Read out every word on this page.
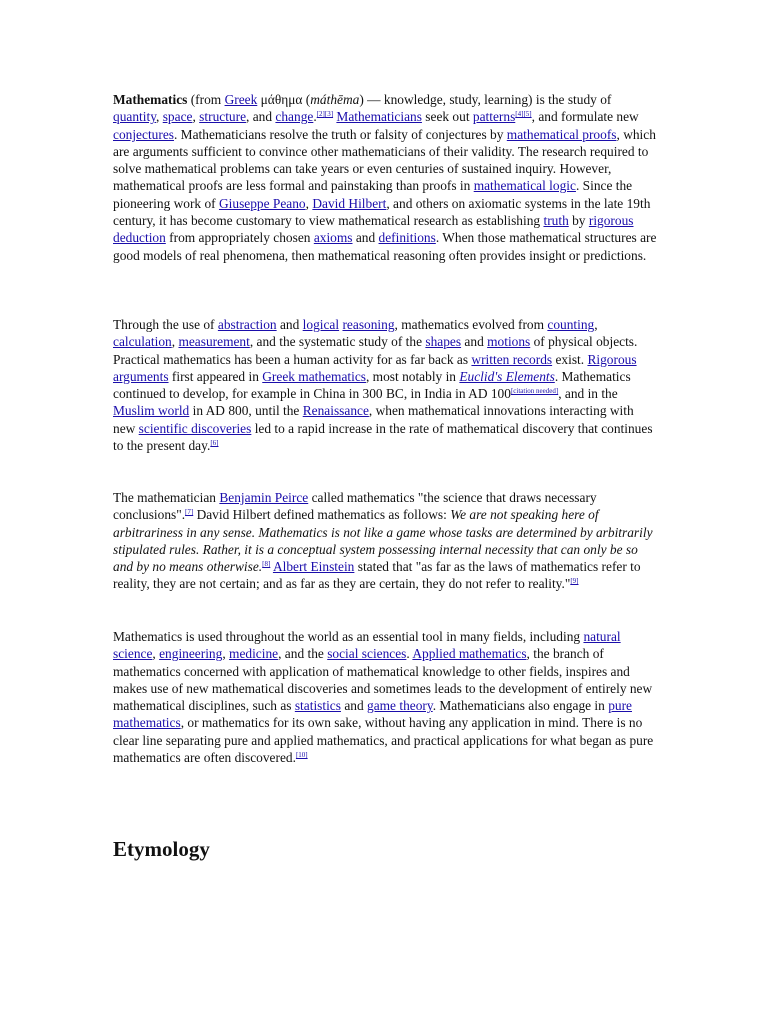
Mathematics (from Greek μάθημα (máthēma) — knowledge, study, learning) is the study of quantity, space, structure, and change.[2][3] Mathematicians seek out patterns[4][5], and formulate new conjectures. Mathematicians resolve the truth or falsity of conjectures by mathematical proofs, which are arguments sufficient to convince other mathematicians of their validity. The research required to solve mathematical problems can take years or even centuries of sustained inquiry. However, mathematical proofs are less formal and painstaking than proofs in mathematical logic. Since the pioneering work of Giuseppe Peano, David Hilbert, and others on axiomatic systems in the late 19th century, it has become customary to view mathematical research as establishing truth by rigorous deduction from appropriately chosen axioms and definitions. When those mathematical structures are good models of real phenomena, then mathematical reasoning often provides insight or predictions.

Through the use of abstraction and logical reasoning, mathematics evolved from counting, calculation, measurement, and the systematic study of the shapes and motions of physical objects. Practical mathematics has been a human activity for as far back as written records exist. Rigorous arguments first appeared in Greek mathematics, most notably in Euclid's Elements. Mathematics continued to develop, for example in China in 300 BC, in India in AD 100[citation needed], and in the Muslim world in AD 800, until the Renaissance, when mathematical innovations interacting with new scientific discoveries led to a rapid increase in the rate of mathematical discovery that continues to the present day.[6]

The mathematician Benjamin Peirce called mathematics "the science that draws necessary conclusions".[7] David Hilbert defined mathematics as follows: We are not speaking here of arbitrariness in any sense. Mathematics is not like a game whose tasks are determined by arbitrarily stipulated rules. Rather, it is a conceptual system possessing internal necessity that can only be so and by no means otherwise.[8] Albert Einstein stated that "as far as the laws of mathematics refer to reality, they are not certain; and as far as they are certain, they do not refer to reality."[9]

Mathematics is used throughout the world as an essential tool in many fields, including natural science, engineering, medicine, and the social sciences. Applied mathematics, the branch of mathematics concerned with application of mathematical knowledge to other fields, inspires and makes use of new mathematical discoveries and sometimes leads to the development of entirely new mathematical disciplines, such as statistics and game theory. Mathematicians also engage in pure mathematics, or mathematics for its own sake, without having any application in mind. There is no clear line separating pure and applied mathematics, and practical applications for what began as pure mathematics are often discovered.[10]

Etymology
